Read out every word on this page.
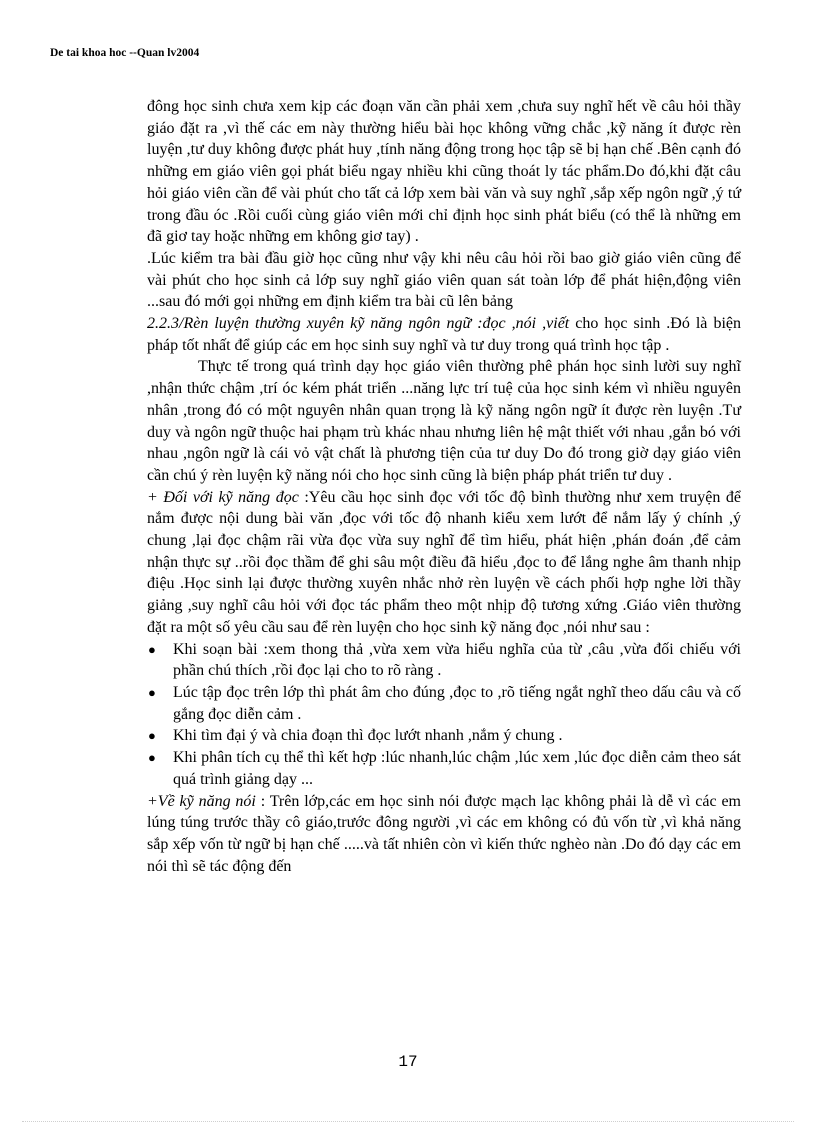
De tai khoa hoc --Quan lv2004

đông học sinh chưa xem kịp các đoạn văn cần phải xem ,chưa suy nghĩ hết về câu hỏi thầy giáo đặt ra ,vì thế các em này thường hiểu bài học không vững chắc ,kỹ năng ít được rèn luyện ,tư duy không được phát huy ,tính năng động trong học tập sẽ bị hạn chế .Bên cạnh đó những em giáo viên gọi phát biểu ngay nhiều khi cũng thoát ly tác phẩm.Do đó,khi đặt câu hỏi giáo viên cần để vài phút cho tất cả lớp xem bài văn và suy nghĩ ,sắp xếp ngôn ngữ ,ý tứ trong đầu óc .Rồi cuối cùng giáo viên mới chỉ định học sinh phát biểu (có thể là những em đã giơ tay hoặc những em không giơ tay) .

.Lúc kiểm tra bài đầu giờ học cũng như vậy khi nêu câu hỏi rồi bao giờ giáo viên cũng để vài phút cho học sinh cả lớp suy nghĩ giáo viên quan sát toàn lớp để phát hiện,động viên ...sau đó mới gọi những em định kiểm tra bài cũ lên bảng

2.2.3/Rèn luyện thường xuyên kỹ năng ngôn ngữ :đọc ,nói ,viết cho học sinh .Đó là biện pháp tốt nhất để giúp các em học sinh suy nghĩ và tư duy trong quá trình học tập .

Thực tế trong quá trình dạy học giáo viên thường phê phán học sinh lười suy nghĩ ,nhận thức chậm ,trí óc kém phát triển ...năng lực trí tuệ của học sinh kém vì nhiều nguyên nhân ,trong đó có một nguyên nhân quan trọng là kỹ năng ngôn ngữ ít được rèn luyện .Tư duy và ngôn ngữ thuộc hai phạm trù khác nhau nhưng liên hệ mật thiết với nhau ,gắn bó với nhau ,ngôn ngữ là cái vỏ vật chất là phương tiện của tư duy Do đó trong giờ dạy giáo viên cần chú ý rèn luyện kỹ năng nói cho học sinh cũng là biện pháp phát triển tư duy .

+ Đối với kỹ năng đọc :Yêu cầu học sinh đọc với tốc độ bình thường như xem truyện để nắm được nội dung bài văn ,đọc với tốc độ nhanh kiểu xem lướt để nắm lấy ý chính ,ý chung ,lại đọc chậm rãi vừa đọc vừa suy nghĩ để tìm hiểu, phát hiện ,phán đoán ,để cảm nhận thực sự ..rồi đọc thầm để ghi sâu một điều đã hiểu ,đọc to để lắng nghe âm thanh nhịp điệu .Học sinh lại được thường xuyên nhắc nhở rèn luyện về cách phối hợp nghe lời thầy giảng ,suy nghĩ câu hỏi với đọc tác phẩm theo một nhịp độ tương xứng .Giáo viên thường đặt ra một số yêu cầu sau để rèn luyện cho học sinh kỹ năng đọc ,nói như sau :

● Khi soạn bài :xem thong thả ,vừa xem vừa hiểu nghĩa của từ ,câu ,vừa đối chiếu với phần chú thích ,rồi đọc lại cho to rõ ràng .
● Lúc tập đọc trên lớp thì phát âm cho đúng ,đọc to ,rõ tiếng ngắt nghĩ theo dấu câu và cố gắng đọc diễn cảm .
● Khi tìm đại ý và chia đoạn thì đọc lướt nhanh ,nắm ý chung .
● Khi phân tích cụ thể thì kết hợp :lúc nhanh,lúc chậm ,lúc xem ,lúc đọc diễn cảm theo sát quá trình giảng dạy ...

+Về kỹ năng nói : Trên lớp,các em học sinh nói được mạch lạc không phải là dễ vì các em lúng túng trước thầy cô giáo,trước đông người ,vì các em không có đủ vốn từ ,vì khả năng sắp xếp vốn từ ngữ bị hạn chế .....và tất nhiên còn vì kiến thức nghèo nàn .Do đó dạy các em nói thì sẽ tác động đến

17
